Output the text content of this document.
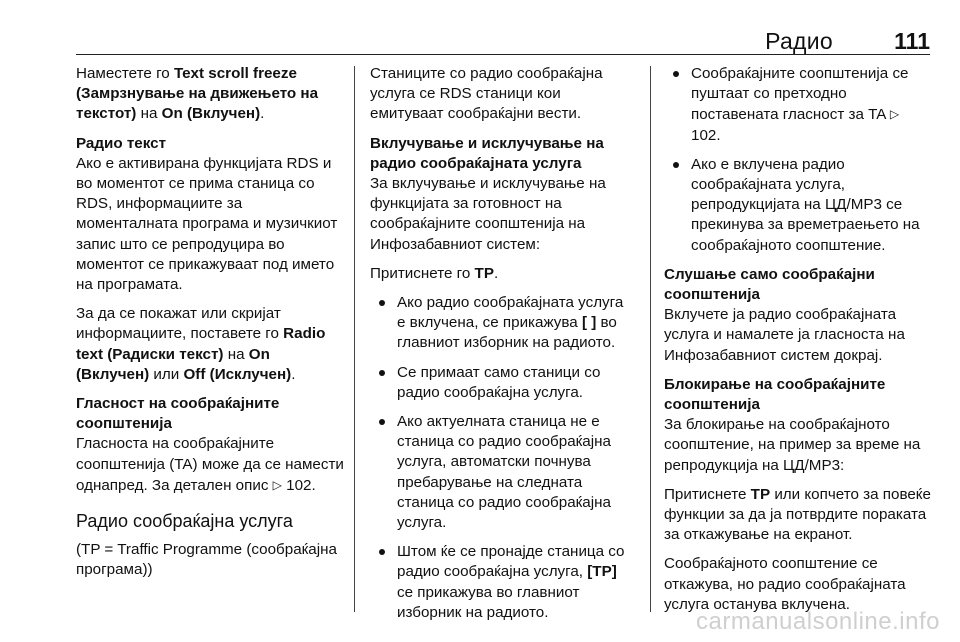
Радио	111

Наместете го Text scroll freeze (Замрзнување на движењето на текстот) на On (Вклучен).

Радио текст

Ако е активирана функцијата RDS и во моментот се прима станица со RDS, информациите за моменталната програма и музичкиот запис што се репродуцира во моментот се прикажуваат под името на програмата.

За да се покажат или скријат информациите, поставете го Radio text (Радиски текст) на On (Вклучен) или Off (Исклучен).

Гласност на сообраќајните соопштенија

Гласноста на сообраќајните соопштенија (TA) може да се намести однапред. За детален опис ▷ 102.

Радио сообраќајна услуга

(TP = Traffic Programme (сообраќајна програма))

Станиците со радио сообраќајна услуга се RDS станици кои емитуваат сообраќајни вести.

Вклучување и исклучување на радио сообраќајната услуга

За вклучување и исклучување на функцијата за готовност на сообраќајните соопштенија на Инфозабавниот систем:

Притиснете го TP.

Ако радио сообраќајната услуга е вклучена, се прикажува [ ] во главниот изборник на радиото.
Се примаат само станици со радио сообраќајна услуга.
Ако актуелната станица не е станица со радио сообраќајна услуга, автоматски почнува пребарување на следната станица со радио сообраќајна услуга.
Штом ќе се пронајде станица со радио сообраќајна услуга, [TP] се прикажува во главниот изборник на радиото.
Сообраќајните соопштенија се пуштаат со претходно поставената гласност за TA ▷ 102.
Ако е вклучена радио сообраќајната услуга, репродукцијата на ЦД/MP3 се прекинува за времетраењето на сообраќајното соопштение.

Слушање само сообраќајни соопштенија

Вклучете ја радио сообраќајната услуга и намалете ја гласноста на Инфозабавниот систем докрај.

Блокирање на сообраќајните соопштенија

За блокирање на сообраќајното соопштение, на пример за време на репродукција на ЦД/MP3:

Притиснете TP или копчето за повеќе функции за да ја потврдите пораката за откажување на екранот.

Сообраќајното соопштение се откажува, но радио сообраќајната услуга останува вклучена.

carmanualsonline.info
